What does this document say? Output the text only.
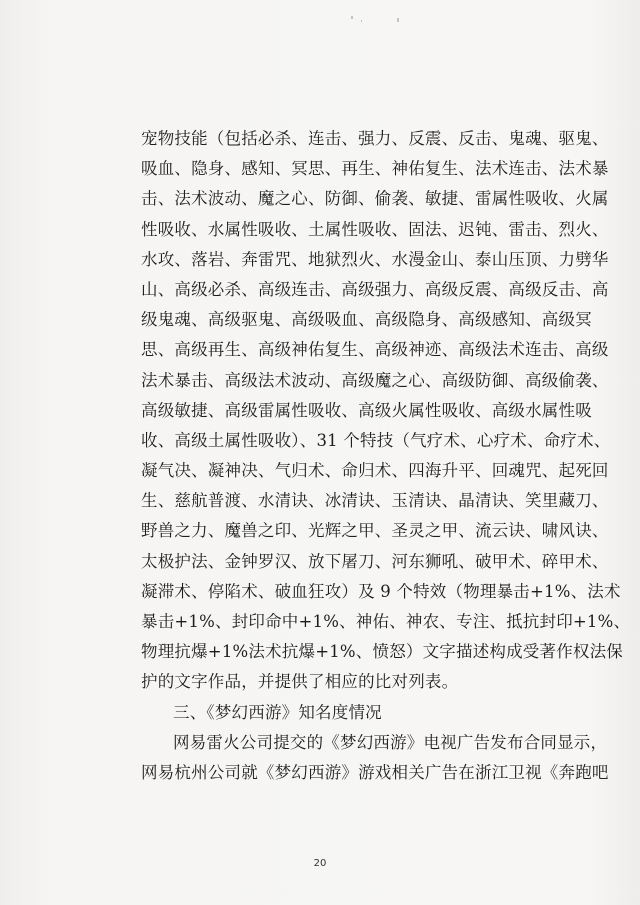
宠物技能（包括必杀、连击、强力、反震、反击、鬼魂、驱鬼、
吸血、隐身、感知、冥思、再生、神佑复生、法术连击、法术暴
击、法术波动、魔之心、防御、偷袭、敏捷、雷属性吸收、火属
性吸收、水属性吸收、土属性吸收、固法、迟钝、雷击、烈火、
水攻、落岩、奔雷咒、地狱烈火、水漫金山、泰山压顶、力劈华
山、高级必杀、高级连击、高级强力、高级反震、高级反击、高
级鬼魂、高级驱鬼、高级吸血、高级隐身、高级感知、高级冥
思、高级再生、高级神佑复生、高级神迹、高级法术连击、高级
法术暴击、高级法术波动、高级魔之心、高级防御、高级偷袭、
高级敏捷、高级雷属性吸收、高级火属性吸收、高级水属性吸
收、高级土属性吸收）、31 个特技（气疗术、心疗术、命疗术、
凝气决、凝神决、气归术、命归术、四海升平、回魂咒、起死回
生、慈航普渡、水清诀、冰清诀、玉清诀、晶清诀、笑里藏刀、
野兽之力、魔兽之印、光辉之甲、圣灵之甲、流云诀、啸风诀、
太极护法、金钟罗汉、放下屠刀、河东狮吼、破甲术、碎甲术、
凝滞术、停陷术、破血狂攻）及 9 个特效（物理暴击+1%、法术
暴击+1%、封印命中+1%、神佑、神农、专注、抵抗封印+1%、
物理抗爆+1%法术抗爆+1%、愤怒）文字描述构成受著作权法保
护的文字作品，并提供了相应的比对列表。
三、《梦幻西游》知名度情况
网易雷火公司提交的《梦幻西游》电视广告发布合同显示，
网易杭州公司就《梦幻西游》游戏相关广告在浙江卫视《奔跑吧
20
